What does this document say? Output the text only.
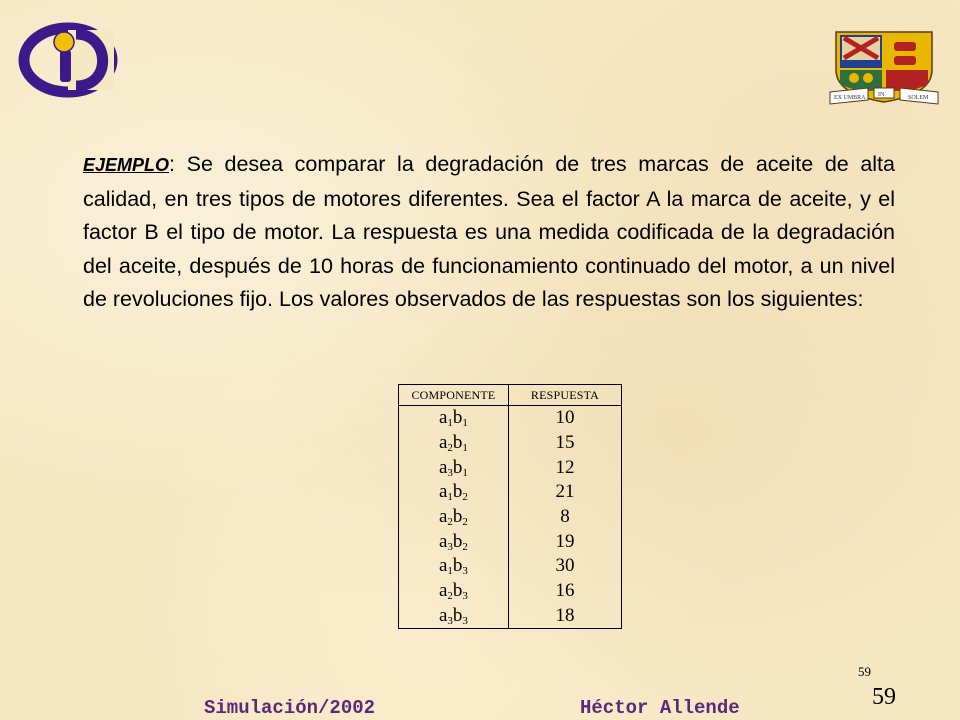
EX UMBRA IN	SOLEM
EJEMPLO: Se desea comparar la degradación de tres marcas de aceite de alta calidad, en tres tipos de motores diferentes. Sea el factor A la marca de aceite, y el factor B el tipo de motor. La respuesta es una medida codificada de la degradación del aceite, después de 10 horas de funcionamiento continuado del motor, a un nivel de revoluciones fijo. Los valores observados de las respuestas son los siguientes:
COMPONENTE	RESPUESTA
$a_1b_1$	10
$a_2b_1$	15
$a_3b_1$	12
$a_1b_2$	21
$a_2b_2$	8
$a_3b_2$	19
$a_1b_3$	30
$a_2b_3$	16
$a_3b_3$	18
59
59
Simulación/2002	Héctor Allende
